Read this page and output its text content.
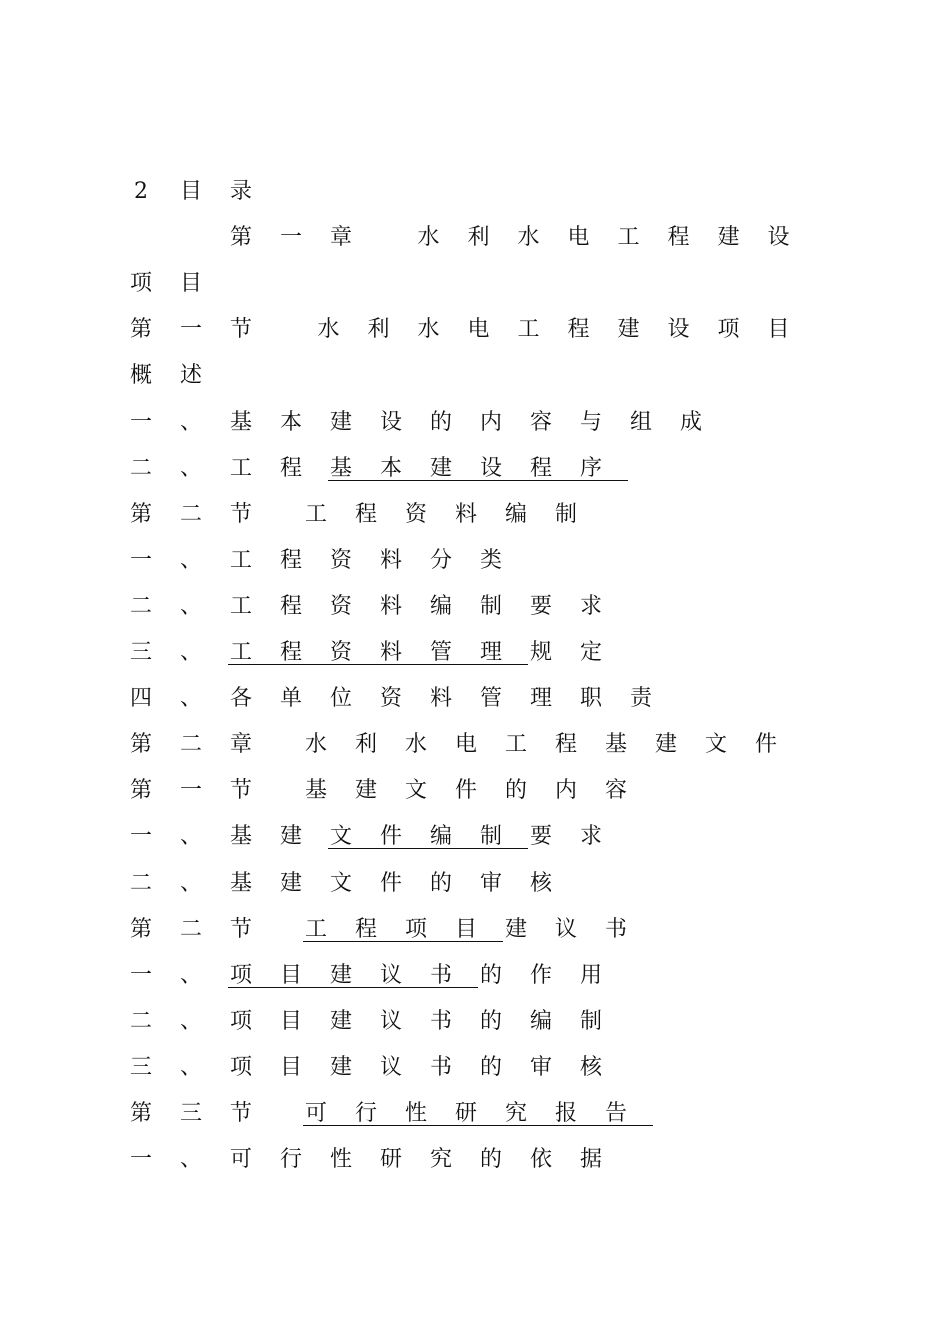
2 目 录
第 一 章	水 利 水 电 工 程 建 设
项 目
第 一 节	水 利 水 电 工 程 建 设 项 目
概 述
一 、 基 本 建 设 的 内 容 与 组 成
二 、 工 程 基 本 建 设 程 序
第 二 节 工 程 资 料 编 制
一 、 工 程 资 料 分 类
二 、 工 程 资 料 编 制 要 求
三 、 工 程 资 料 管 理 规 定
四 、 各 单 位 资 料 管 理 职 责
第 二 章 水 利 水 电 工 程 基 建 文 件
第 一 节 基 建 文 件 的 内 容
一 、 基 建 文 件 编 制 要 求
二 、 基 建 文 件 的 审 核
第 二 节 工 程 项 目 建 议 书
一 、 项 目 建 议 书 的 作 用
二 、 项 目 建 议 书 的 编 制
三 、 项 目 建 议 书 的 审 核
第 三 节 可 行 性 研 究 报 告
一 、 可 行 性 研 究 的 依 据
